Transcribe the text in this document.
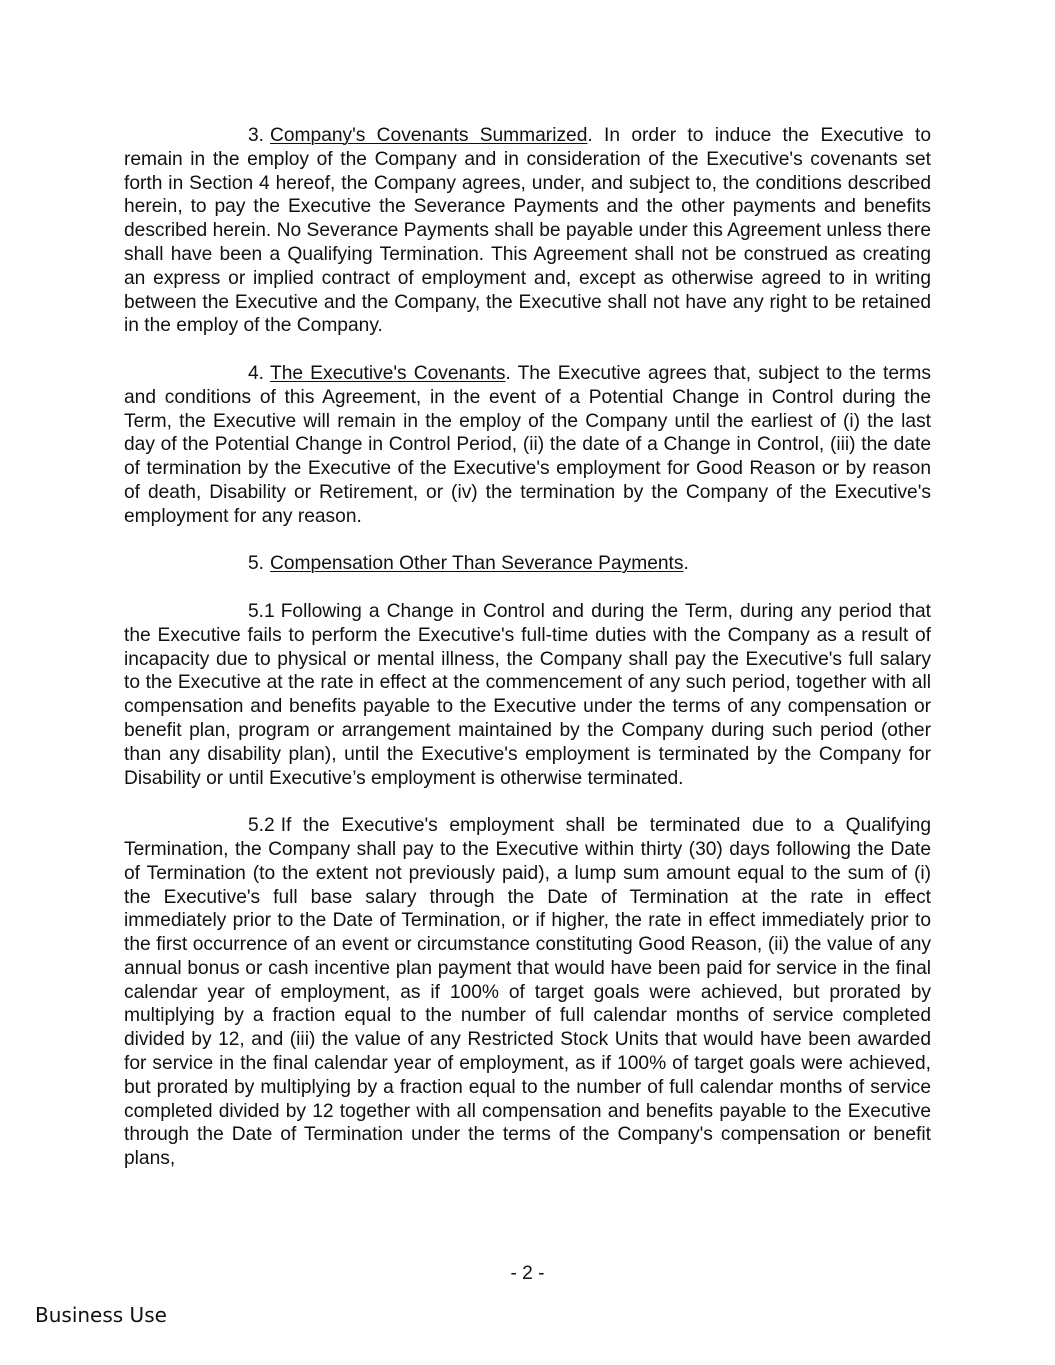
3. Company's Covenants Summarized. In order to induce the Executive to remain in the employ of the Company and in consideration of the Executive's covenants set forth in Section 4 hereof, the Company agrees, under, and subject to, the conditions described herein, to pay the Executive the Severance Payments and the other payments and benefits described herein. No Severance Payments shall be payable under this Agreement unless there shall have been a Qualifying Termination. This Agreement shall not be construed as creating an express or implied contract of employment and, except as otherwise agreed to in writing between the Executive and the Company, the Executive shall not have any right to be retained in the employ of the Company.

4. The Executive's Covenants. The Executive agrees that, subject to the terms and conditions of this Agreement, in the event of a Potential Change in Control during the Term, the Executive will remain in the employ of the Company until the earliest of (i) the last day of the Potential Change in Control Period, (ii) the date of a Change in Control, (iii) the date of termination by the Executive of the Executive's employment for Good Reason or by reason of death, Disability or Retirement, or (iv) the termination by the Company of the Executive's employment for any reason.

5. Compensation Other Than Severance Payments.

5.1 Following a Change in Control and during the Term, during any period that the Executive fails to perform the Executive's full-time duties with the Company as a result of incapacity due to physical or mental illness, the Company shall pay the Executive's full salary to the Executive at the rate in effect at the commencement of any such period, together with all compensation and benefits payable to the Executive under the terms of any compensation or benefit plan, program or arrangement maintained by the Company during such period (other than any disability plan), until the Executive's employment is terminated by the Company for Disability or until Executive’s employment is otherwise terminated.

5.2 If the Executive's employment shall be terminated due to a Qualifying Termination, the Company shall pay to the Executive within thirty (30) days following the Date of Termination (to the extent not previously paid), a lump sum amount equal to the sum of (i) the Executive's full base salary through the Date of Termination at the rate in effect immediately prior to the Date of Termination, or if higher, the rate in effect immediately prior to the first occurrence of an event or circumstance constituting Good Reason, (ii) the value of any annual bonus or cash incentive plan payment that would have been paid for service in the final calendar year of employment, as if 100% of target goals were achieved, but prorated by multiplying by a fraction equal to the number of full calendar months of service completed divided by 12, and (iii) the value of any Restricted Stock Units that would have been awarded for service in the final calendar year of employment, as if 100% of target goals were achieved, but prorated by multiplying by a fraction equal to the number of full calendar months of service completed divided by 12 together with all compensation and benefits payable to the Executive through the Date of Termination under the terms of the Company's compensation or benefit plans,

- 2 -
Business Use
